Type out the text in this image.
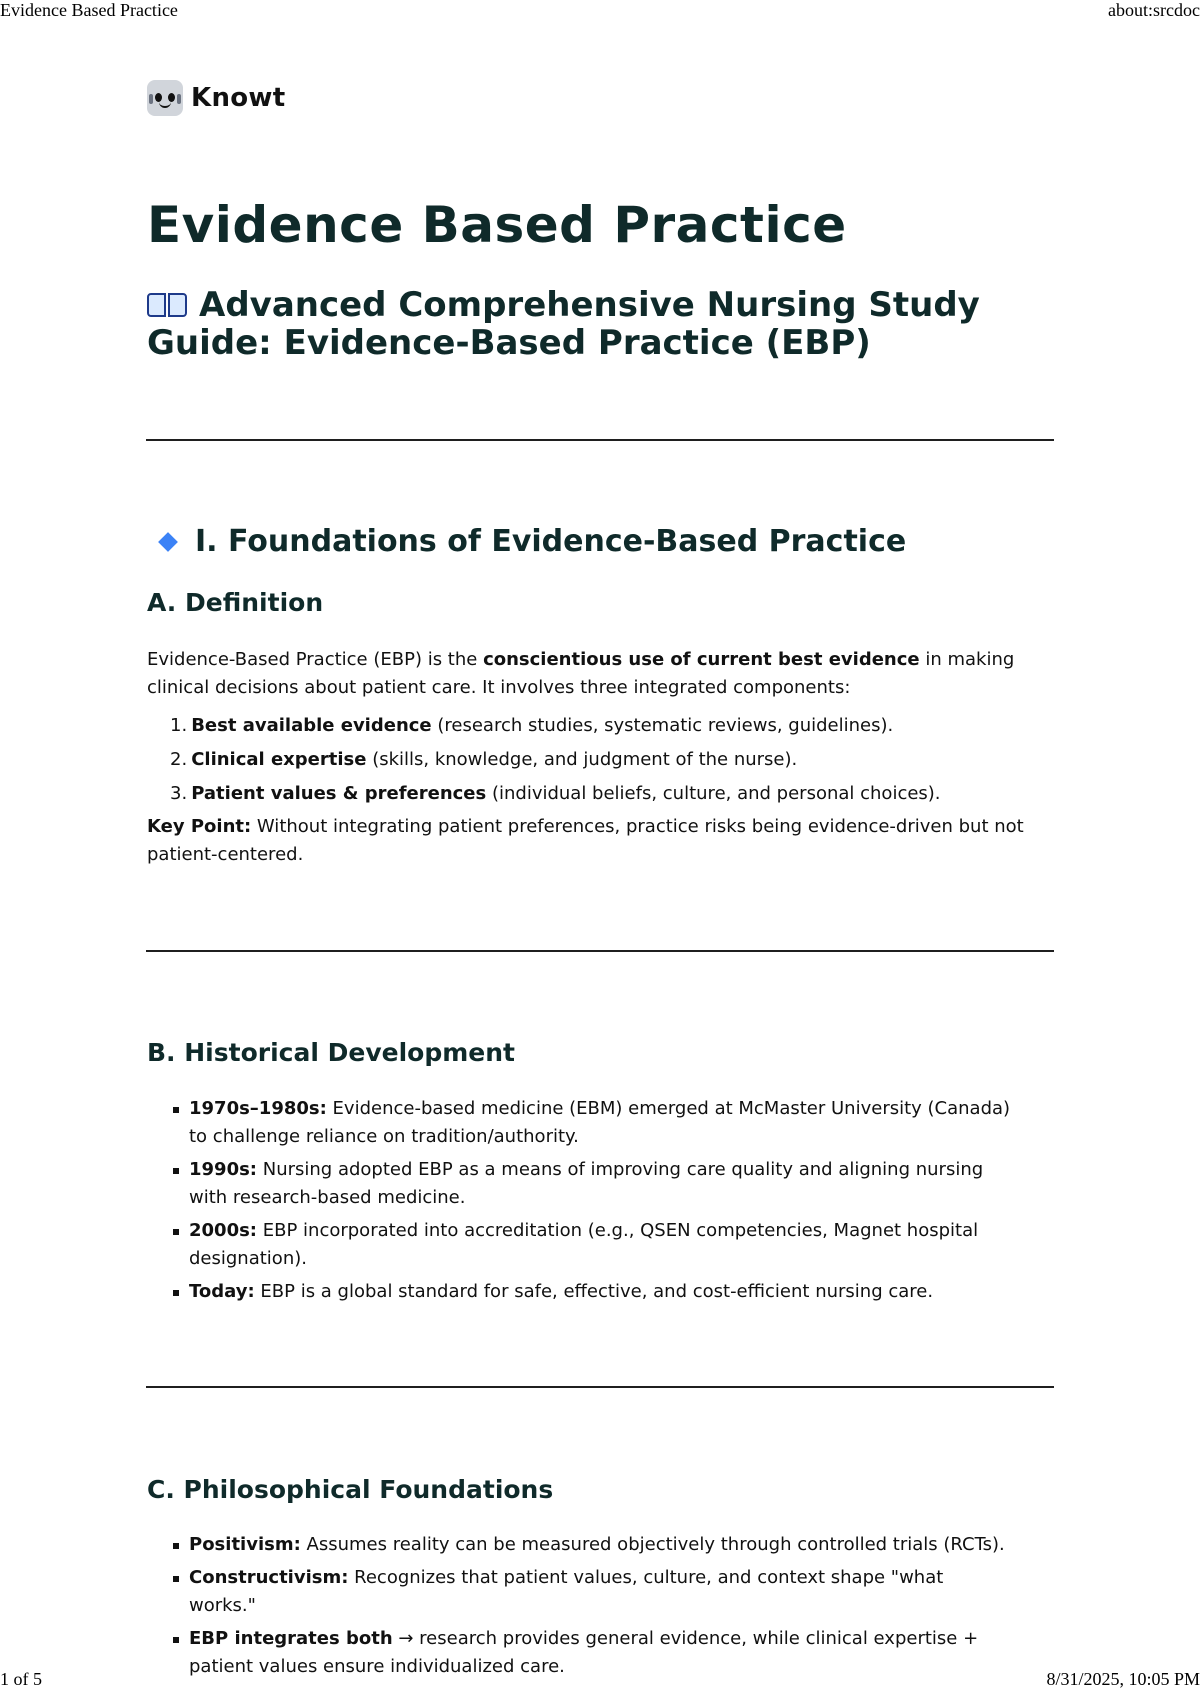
Evidence Based Practice	about:srcdoc
1 of 5	8/31/2025, 10:05 PM
Knowt
Evidence Based Practice
Advanced Comprehensive Nursing Study Guide: Evidence-Based Practice (EBP)
I. Foundations of Evidence-Based Practice
A. Definition

Evidence-Based Practice (EBP) is the conscientious use of current best evidence in making clinical decisions about patient care. It involves three integrated components:

1. Best available evidence (research studies, systematic reviews, guidelines).
2. Clinical expertise (skills, knowledge, and judgment of the nurse).
3. Patient values & preferences (individual beliefs, culture, and personal choices).

Key Point: Without integrating patient preferences, practice risks being evidence-driven but not patient-centered.

B. Historical Development
1970s–1980s: Evidence-based medicine (EBM) emerged at McMaster University (Canada) to challenge reliance on tradition/authority.
1990s: Nursing adopted EBP as a means of improving care quality and aligning nursing with research-based medicine.
2000s: EBP incorporated into accreditation (e.g., QSEN competencies, Magnet hospital designation).
Today: EBP is a global standard for safe, effective, and cost-efficient nursing care.
C. Philosophical Foundations
Positivism: Assumes reality can be measured objectively through controlled trials (RCTs).
Constructivism: Recognizes that patient values, culture, and context shape "what works."
EBP integrates both → research provides general evidence, while clinical expertise + patient values ensure individualized care.
